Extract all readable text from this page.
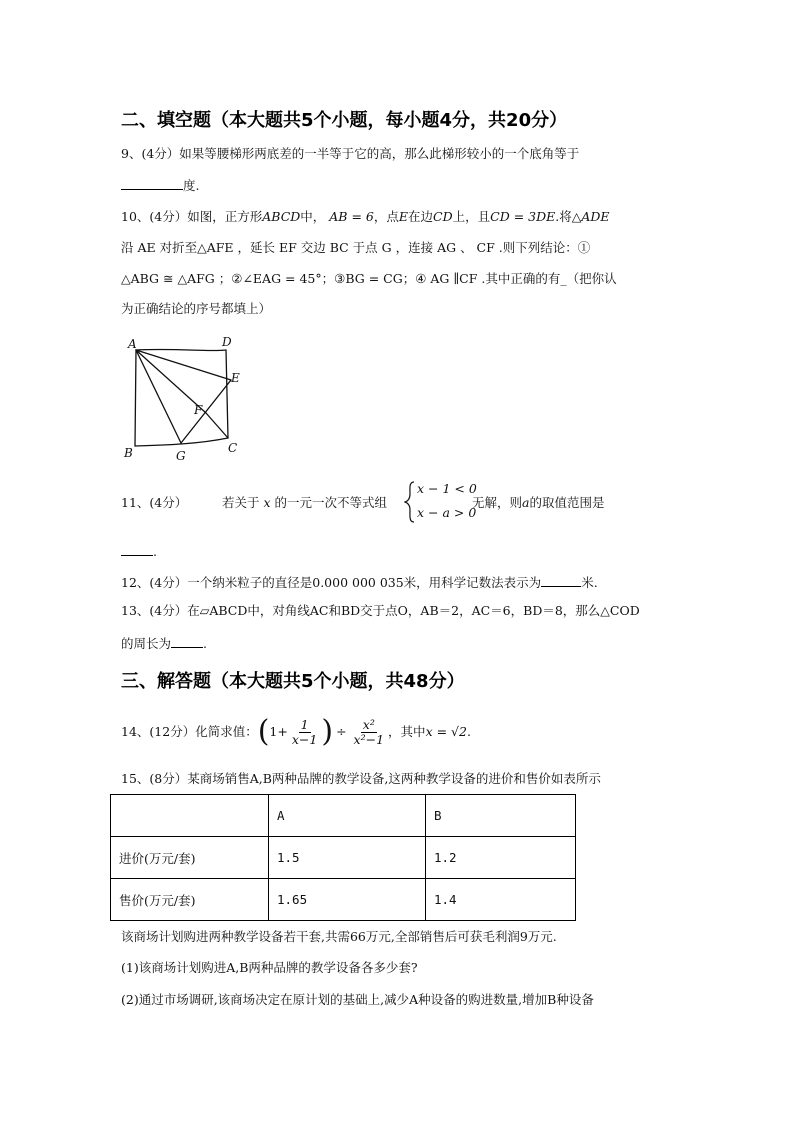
二、填空题（本大题共5个小题，每小题4分，共20分）
9、(4分）如果等腰梯形两底差的一半等于它的高，那么此梯形较小的一个底角等于
度.
10、(4分）如图，正方形ABCD中， AB = 6，点E在边CD上，且CD = 3DE.将△ADE
沿 AE 对折至△AFE ，延长 EF 交边 BC 于点 G ，连接 AG 、 CF .则下列结论：①
△ABG ≅ △AFG ；②∠EAG = 45°；③BG = CG；④ AG ∥CF .其中正确的有_（把你认
为正确结论的序号都填上）
A	D
E
F
B	G
C
11、(4分）	若关于 x 的一元一次不等式组
x − 1 < 0
x − a > 0
无解，则a的取值范围是
.
12、(4分）一个纳米粒子的直径是0.000 000 035米，用科学记数法表示为	米.
13、(4分）在▱ABCD中，对角线AC和BD交于点O，AB＝2，AC＝6，BD＝8，那么△COD
的周长为	.
三、解答题（本大题共5个小题，共48分）
14、(12分）化简求值： ( $1+ \frac{1}{x-1}$ ) ÷ $\frac{\text{x²}}{\text{x²−1}}$ ，其中 x = √2 .
15、(8分）某商场销售A,B两种品牌的教学设备,这两种教学设备的进价和售价如表所示
	A	B
进价(万元/套)	1.5	1.2
售价(万元/套)	1.65	1.4
该商场计划购进两种教学设备若干套,共需66万元,全部销售后可获毛利润9万元.
(1)该商场计划购进A,B两种品牌的教学设备各多少套?
(2)通过市场调研,该商场决定在原计划的基础上,减少A种设备的购进数量,增加B种设备
